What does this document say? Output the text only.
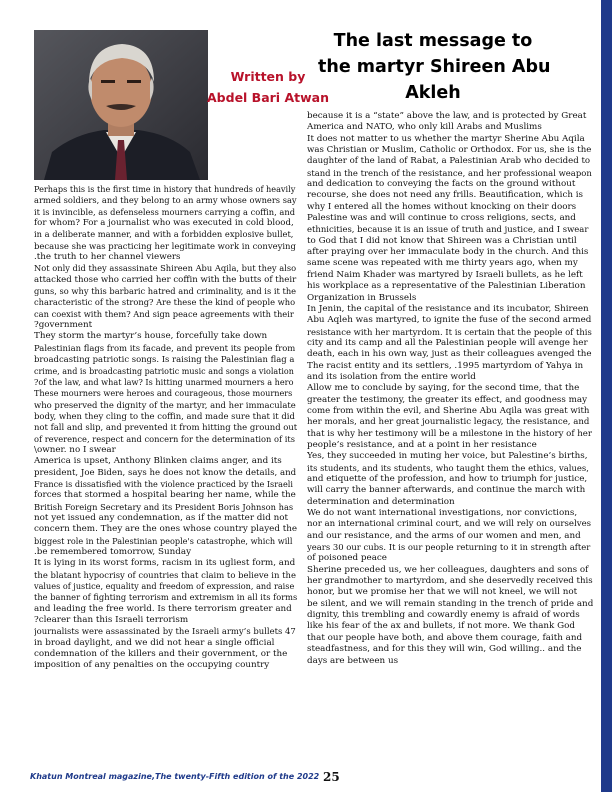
Written by
Abdel Bari Atwan
The last message to
the martyr Shireen Abu
Akleh
Perhaps this is the first time in history that hundreds of heavily
armed soldiers, and they belong to an army whose owners say
it is invincible, as defenseless mourners carrying a coffin, and
for whom? For a journalist who was executed in cold blood,
in a deliberate manner, and with a forbidden explosive bullet,
because she was practicing her legitimate work in conveying
.the truth to her channel viewers
Not only did they assassinate Shireen Abu Aqila, but they also
attacked those who carried her coffin with the butts of their
guns, so why this barbaric hatred and criminality, and is it the
characteristic of the strong? Are these the kind of people who
can coexist with them? And sign peace agreements with their
?government
They storm the martyr’s house, forcefully take down
Palestinian flags from its facade, and prevent its people from
broadcasting patriotic songs. Is raising the Palestinian flag a
crime, and is broadcasting patriotic music and songs a violation
?of the law, and what law? Is hitting unarmed mourners a hero
These mourners were heroes and courageous, those mourners
who preserved the dignity of the martyr, and her immaculate
body, when they cling to the coffin, and made sure that it did
not fall and slip, and prevented it from hitting the ground out
of reverence, respect and concern for the determination of its
\owner. no I swear
America is upset, Anthony Blinken claims anger, and its
president, Joe Biden, says he does not know the details, and
France is dissatisfied with the violence practiced by the Israeli
forces that stormed a hospital bearing her name, while the
British Foreign Secretary and its President Boris Johnson has
not yet issued any condemnation, as if the matter did not
concern them. They are the ones whose country played the
biggest role in the Palestinian people's catastrophe, which will
.be remembered tomorrow, Sunday
It is lying in its worst forms, racism in its ugliest form, and
the blatant hypocrisy of countries that claim to believe in the
values of justice, equality and freedom of expression, and raise
the banner of fighting terrorism and extremism in all its forms
and leading the free world. Is there terrorism greater and
?clearer than this Israeli terrorism
journalists were assassinated by the Israeli army’s bullets 47
in broad daylight, and we did not hear a single official
condemnation of the killers and their government, or the
imposition of any penalties on the occupying country
because it is a “state” above the law, and is protected by Great
America and NATO, who only kill Arabs and Muslims
It does not matter to us whether the martyr Sherine Abu Aqila
was Christian or Muslim, Catholic or Orthodox. For us, she is the
daughter of the land of Rabat, a Palestinian Arab who decided to
stand in the trench of the resistance, and her professional weapon
and dedication to conveying the facts on the ground without
recourse, she does not need any frills. Beautification, which is
why I entered all the homes without knocking on their doors
Palestine was and will continue to cross religions, sects, and
ethnicities, because it is an issue of truth and justice, and I swear
to God that I did not know that Shireen was a Christian until
after praying over her immaculate body in the church. And this
same scene was repeated with me thirty years ago, when my
friend Naim Khader was martyred by Israeli bullets, as he left
his workplace as a representative of the Palestinian Liberation
Organization in Brussels
In Jenin, the capital of the resistance and its incubator, Shireen
Abu Aqleh was martyred, to ignite the fuse of the second armed
resistance with her martyrdom. It is certain that the people of this
city and its camp and all the Palestinian people will avenge her
death, each in his own way, just as their colleagues avenged the
The racist entity and its settlers, .1995 martyrdom of Yahya in
and its isolation from the entire world
Allow me to conclude by saying, for the second time, that the
greater the testimony, the greater its effect, and goodness may
come from within the evil, and Sherine Abu Aqila was great with
her morals, and her great journalistic legacy, the resistance, and
that is why her testimony will be a milestone in the history of her
people’s resistance, and at a point in her resistance
Yes, they succeeded in muting her voice, but Palestine’s births,
its students, and its students, who taught them the ethics, values,
and etiquette of the profession, and how to triumph for justice,
will carry the banner afterwards, and continue the march with
determination and determination
We do not want international investigations, nor convictions,
nor an international criminal court, and we will rely on ourselves
and our resistance, and the arms of our women and men, and
years 30 our cubs. It is our people returning to it in strength after
of poisoned peace
Sherine preceded us, we her colleagues, daughters and sons of
her grandmother to martyrdom, and she deservedly received this
honor, but we promise her that we will not kneel, we will not
be silent, and we will remain standing in the trench of pride and
dignity, this trembling and cowardly enemy is afraid of words
like his fear of the ax and bullets, if not more. We thank God
that our people have both, and above them courage, faith and
steadfastness, and for this they will win, God willing.. and the
days are between us
Khatun Montreal magazine,The twenty-Fifth edition of the 2022 25
